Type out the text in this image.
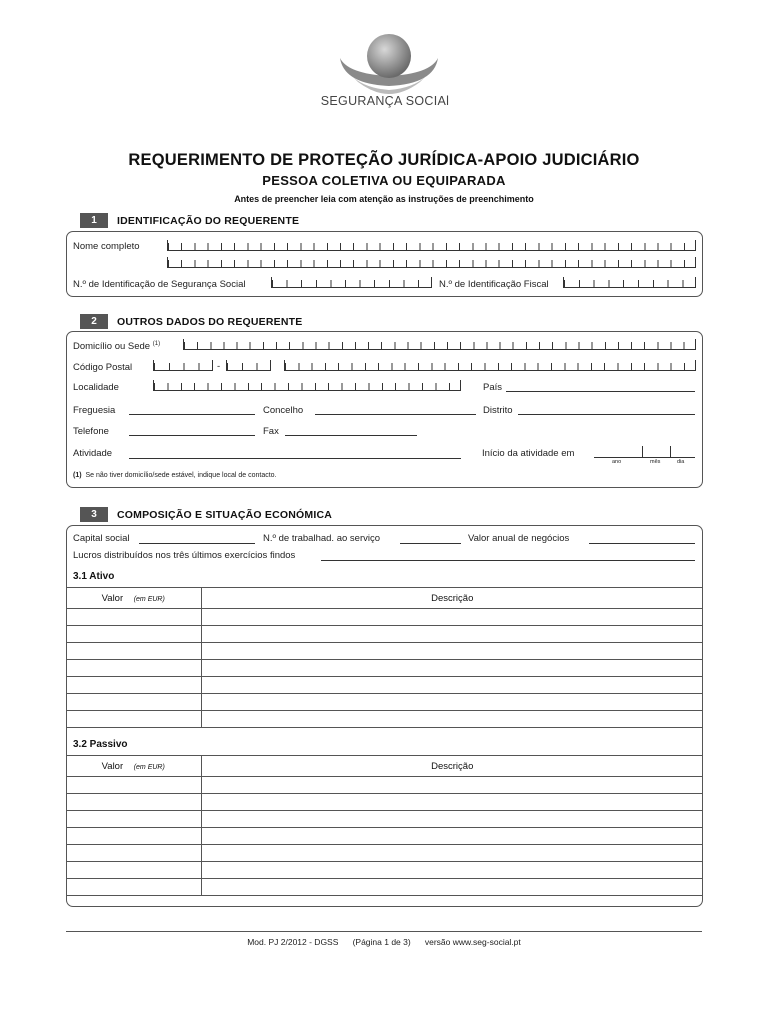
SEGURANÇA SOCIAl
REQUERIMENTO DE PROTEÇÃO JURÍDICA-APOIO JUDICIÁRIO
PESSOA COLETIVA OU EQUIPARADA
Antes de preencher leia com atenção as instruções de preenchimento
1	IDENTIFICAÇÃO DO REQUERENTE
Nome completo
N.º de Identificação de Segurança Social	N.º de Identificação Fiscal
2	OUTROS DADOS DO REQUERENTE
Domicílio ou Sede $^{(1)}$
Código Postal	-
Localidade	País
Freguesia	Concelho	Distrito
Telefone	Fax
Atividade	Início da atividade em
ano	mês	dia
(1) Se não tiver domicílio/sede estável, indique local de contacto.
3	COMPOSIÇÃO E SITUAÇÃO ECONÓMICA
Capital social	N.º de trabalhad. ao serviço	Valor anual de negócios
Lucros distribuídos nos três últimos exercícios findos
3.1 Ativo
Valor (em EUR)	Descrição

3.2 Passivo
Valor (em EUR)	Descrição

Mod. PJ 2/2012 - DGSS (Página 1 de 3) versão www.seg-social.pt
